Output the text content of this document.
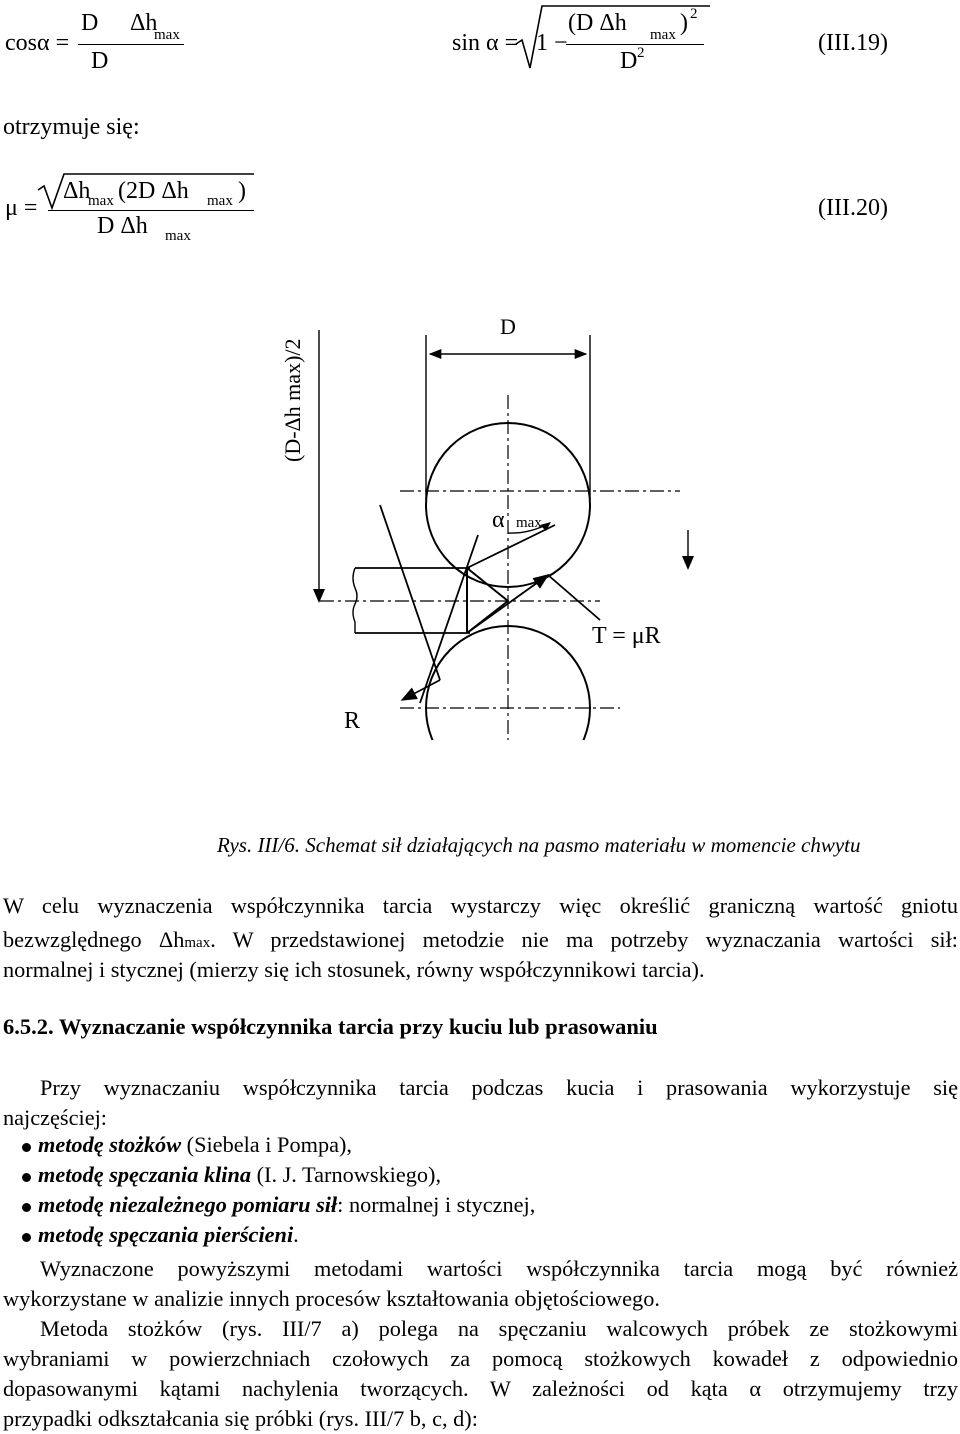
cosα =
D Δh
max
D
sin α = 1 −
(D Δh max ) 2
D 2	(III.19)
otrzymuje się:
μ =
Δh
max (2D Δh max )
D Δh max
(III.20)
D
(D-Δh max)/2
α max
T = μR
R
Rys. III/6. Schemat sił działających na pasmo materiału w momencie chwytu
W celu wyznaczenia współczynnika tarcia wystarczy więc określić graniczną wartość gniotu
bezwzględnego Δhmax. W przedstawionej metodzie nie ma potrzeby wyznaczania wartości sił:
normalnej i stycznej (mierzy się ich stosunek, równy współczynnikowi tarcia).
6.5.2. Wyznaczanie współczynnika tarcia przy kuciu lub prasowaniu
Przy wyznaczaniu współczynnika tarcia podczas kucia i prasowania wykorzystuje się
najczęściej:
metodę stożków (Siebela i Pompa),
metodę spęczania klina (I. J. Tarnowskiego),
metodę niezależnego pomiaru sił: normalnej i stycznej,
metodę spęczania pierścieni.
Wyznaczone powyższymi metodami wartości współczynnika tarcia mogą być również
wykorzystane w analizie innych procesów kształtowania objętościowego.
Metoda stożków (rys. III/7 a) polega na spęczaniu walcowych próbek ze stożkowymi
wybraniami w powierzchniach czołowych za pomocą stożkowych kowadeł z odpowiednio
dopasowanymi kątami nachylenia tworzących. W zależności od kąta α otrzymujemy trzy
przypadki odkształcania się próbki (rys. III/7 b, c, d):
